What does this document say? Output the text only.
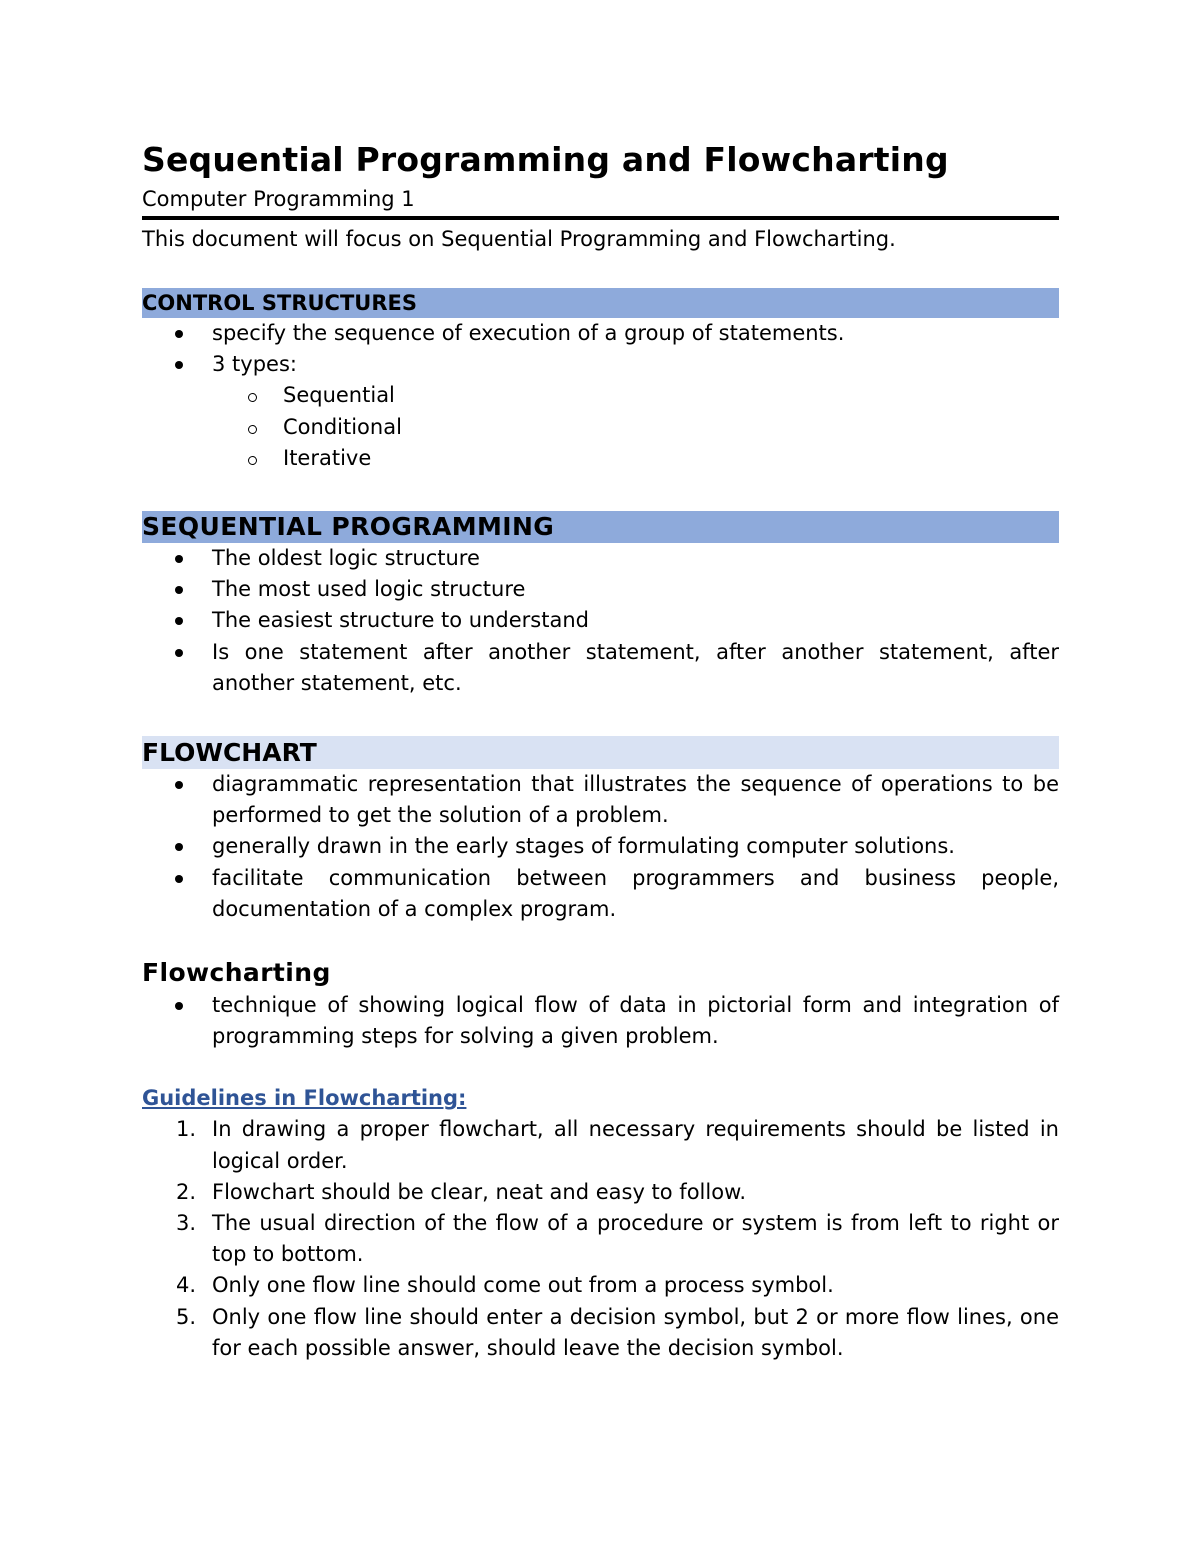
Sequential Programming and Flowcharting

Computer Programming 1

This document will focus on Sequential Programming and Flowcharting.

CONTROL STRUCTURES
specify the sequence of execution of a group of statements.
3 types:
Sequential
Conditional
Iterative
SEQUENTIAL PROGRAMMING
The oldest logic structure
The most used logic structure
The easiest structure to understand
Is one statement after another statement, after another statement, after another statement, etc.
FLOWCHART
diagrammatic representation that illustrates the sequence of operations to be performed to get the solution of a problem.
generally drawn in the early stages of formulating computer solutions.
facilitate communication between programmers and business people, documentation of a complex program.
Flowcharting
technique of showing logical flow of data in pictorial form and integration of programming steps for solving a given problem.
Guidelines in Flowcharting:
1. In drawing a proper flowchart, all necessary requirements should be listed in logical order.
2. Flowchart should be clear, neat and easy to follow.
3. The usual direction of the flow of a procedure or system is from left to right or top to bottom.
4. Only one flow line should come out from a process symbol.
5. Only one flow line should enter a decision symbol, but 2 or more flow lines, one for each possible answer, should leave the decision symbol.
